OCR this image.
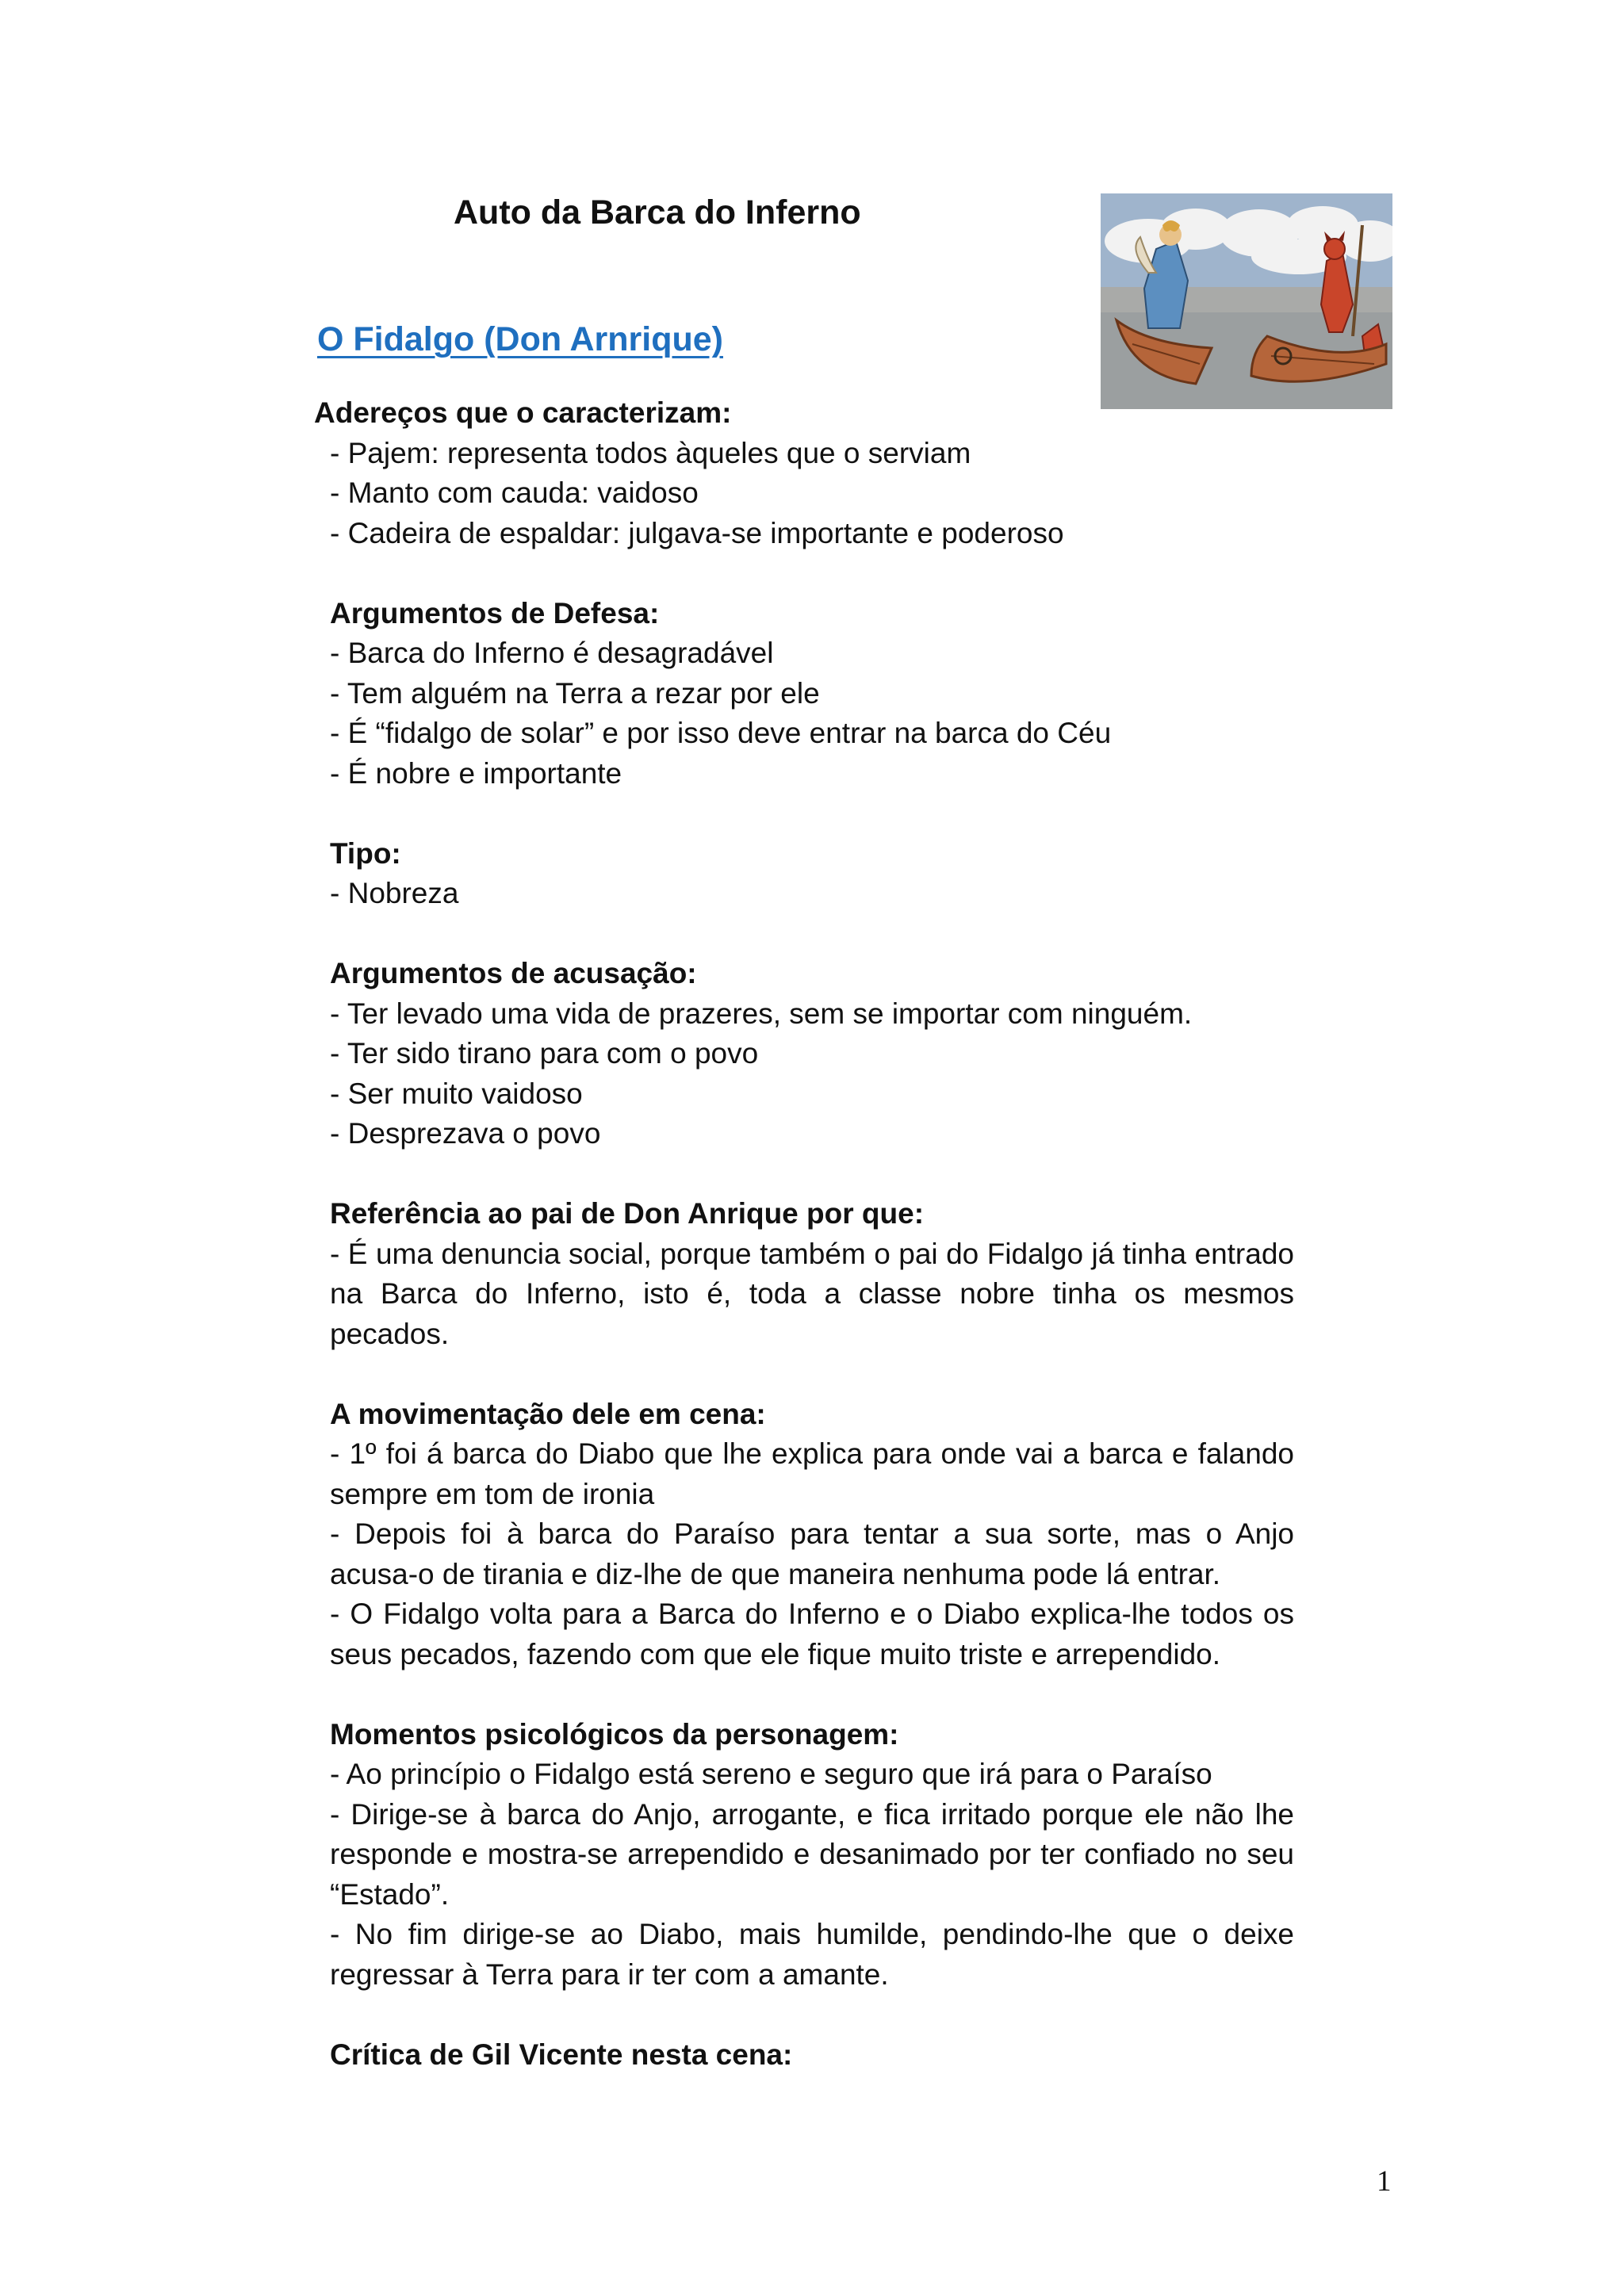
Auto da Barca do Inferno
O Fidalgo (Don Arnrique)
Adereços que o caracterizam:

- Pajem: representa todos àqueles que o serviam

- Manto com cauda: vaidoso

- Cadeira de espaldar: julgava-se importante e poderoso

Argumentos de Defesa:

- Barca do Inferno é desagradável

- Tem alguém na Terra a rezar por ele

- É “fidalgo de solar” e por isso deve entrar na barca do Céu

- É nobre e importante

Tipo:

- Nobreza

Argumentos de acusação:

- Ter levado uma vida de prazeres, sem se importar com ninguém.

- Ter sido tirano para com o povo

- Ser muito vaidoso

- Desprezava o povo

Referência ao pai de Don Anrique por que:

- É uma denuncia social, porque também o pai do Fidalgo já tinha entrado na Barca do Inferno, isto é, toda a classe nobre tinha os mesmos pecados.

A movimentação dele em cena:

- 1º foi á barca do Diabo que lhe explica para onde vai a barca e falando sempre em tom de ironia

- Depois foi à barca do Paraíso para tentar a sua sorte, mas o Anjo acusa-o de tirania e diz-lhe de que maneira nenhuma pode lá entrar.

- O Fidalgo volta para a Barca do Inferno e o Diabo explica-lhe todos os seus pecados, fazendo com que ele fique muito triste e arrependido.

Momentos psicológicos da personagem:

- Ao princípio o Fidalgo está sereno e seguro que irá para o Paraíso

- Dirige-se à barca do Anjo, arrogante, e fica irritado porque ele não lhe responde e mostra-se arrependido e desanimado por ter confiado no seu “Estado”.

- No fim dirige-se ao Diabo, mais humilde, pendindo-lhe que o deixe regressar à Terra para ir ter com a amante.

Crítica de Gil Vicente nesta cena:
1
